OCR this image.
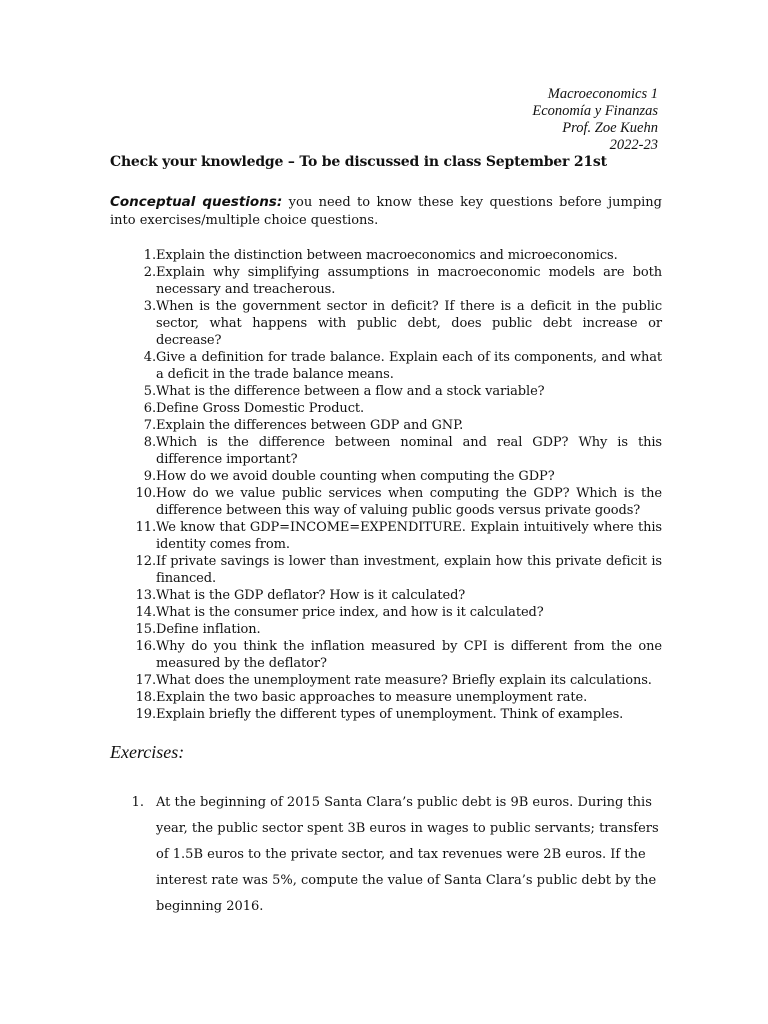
Macroeconomics 1
Economía y Finanzas
Prof. Zoe Kuehn
2022-23
Check your knowledge – To be discussed in class September 21st
Conceptual questions: you need to know these key questions before jumping into exercises/multiple choice questions.
1. Explain the distinction between macroeconomics and microeconomics.
2. Explain why simplifying assumptions in macroeconomic models are both necessary and treacherous.
3. When is the government sector in deficit? If there is a deficit in the public sector, what happens with public debt, does public debt increase or decrease?
4. Give a definition for trade balance. Explain each of its components, and what a deficit in the trade balance means.
5. What is the difference between a flow and a stock variable?
6. Define Gross Domestic Product.
7. Explain the differences between GDP and GNP.
8. Which is the difference between nominal and real GDP? Why is this difference important?
9. How do we avoid double counting when computing the GDP?
10. How do we value public services when computing the GDP? Which is the difference between this way of valuing public goods versus private goods?
11. We know that GDP=INCOME=EXPENDITURE. Explain intuitively where this identity comes from.
12. If private savings is lower than investment, explain how this private deficit is financed.
13. What is the GDP deflator? How is it calculated?
14. What is the consumer price index, and how is it calculated?
15. Define inflation.
16. Why do you think the inflation measured by CPI is different from the one measured by the deflator?
17. What does the unemployment rate measure? Briefly explain its calculations.
18. Explain the two basic approaches to measure unemployment rate.
19. Explain briefly the different types of unemployment. Think of examples.
Exercises:
1. At the beginning of 2015 Santa Clara’s public debt is 9B euros. During this year, the public sector spent 3B euros in wages to public servants; transfers of 1.5B euros to the private sector, and tax revenues were 2B euros. If the interest rate was 5%, compute the value of Santa Clara’s public debt by the beginning 2016.
